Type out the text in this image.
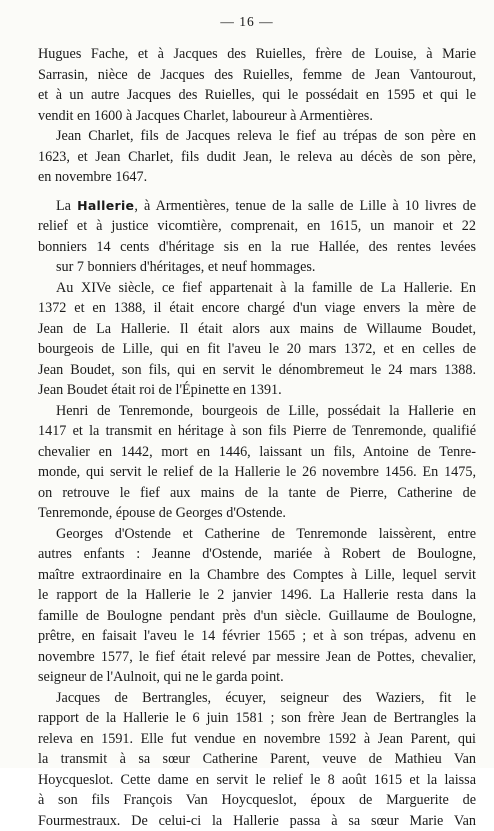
— 16 —
Hugues Fache, et à Jacques des Ruielles, frère de Louise, à Marie
Sarrasin, nièce de Jacques des Ruielles, femme de Jean Vantourout,
et à un autre Jacques des Ruielles, qui le possédait en 1595 et qui le
vendit en 1600 à Jacques Charlet, laboureur à Armentières.
Jean Charlet, fils de Jacques releva le fief au trépas de son père en
1623, et Jean Charlet, fils dudit Jean, le releva au décès de son père,
en novembre 1647.
La Hallerie, à Armentières, tenue de la salle de Lille à 10 livres de
relief et à justice vicomtière, comprenait, en 1615, un manoir et 22
bonniers 14 cents d'héritage sis en la rue Hallée, des rentes levées
sur 7 bonniers d'héritages, et neuf hommages.
Au XIVe siècle, ce fief appartenait à la famille de La Hallerie. En
1372 et en 1388, il était encore chargé d'un viage envers la mère de
Jean de La Hallerie. Il était alors aux mains de Willaume Boudet,
bourgeois de Lille, qui en fit l'aveu le 20 mars 1372, et en celles de
Jean Boudet, son fils, qui en servit le dénombremeut le 24 mars 1388.
Jean Boudet était roi de l'Épinette en 1391.
Henri de Tenremonde, bourgeois de Lille, possédait la Hallerie en
1417 et la transmit en héritage à son fils Pierre de Tenremonde, qualifié
chevalier en 1442, mort en 1446, laissant un fils, Antoine de Tenre-
monde, qui servit le relief de la Hallerie le 26 novembre 1456. En 1475,
on retrouve le fief aux mains de la tante de Pierre, Catherine de
Tenremonde, épouse de Georges d'Ostende.
Georges d'Ostende et Catherine de Tenremonde laissèrent, entre
autres enfants : Jeanne d'Ostende, mariée à Robert de Boulogne,
maître extraordinaire en la Chambre des Comptes à Lille, lequel servit
le rapport de la Hallerie le 2 janvier 1496. La Hallerie resta dans la
famille de Boulogne pendant près d'un siècle. Guillaume de Boulogne,
prêtre, en faisait l'aveu le 14 février 1565 ; et à son trépas, advenu en
novembre 1577, le fief était relevé par messire Jean de Pottes, chevalier,
seigneur de l'Aulnoit, qui ne le garda point.
Jacques de Bertrangles, écuyer, seigneur des Waziers, fit le
rapport de la Hallerie le 6 juin 1581 ; son frère Jean de Bertrangles la
releva en 1591. Elle fut vendue en novembre 1592 à Jean Parent, qui
la transmit à sa sœur Catherine Parent, veuve de Mathieu Van
Hoycqueslot. Cette dame en servit le relief le 8 août 1615 et la laissa
à son fils François Van Hoycqueslot, époux de Marguerite de
Fourmestraux. De celui-ci la Hallerie passa à sa sœur Marie Van
